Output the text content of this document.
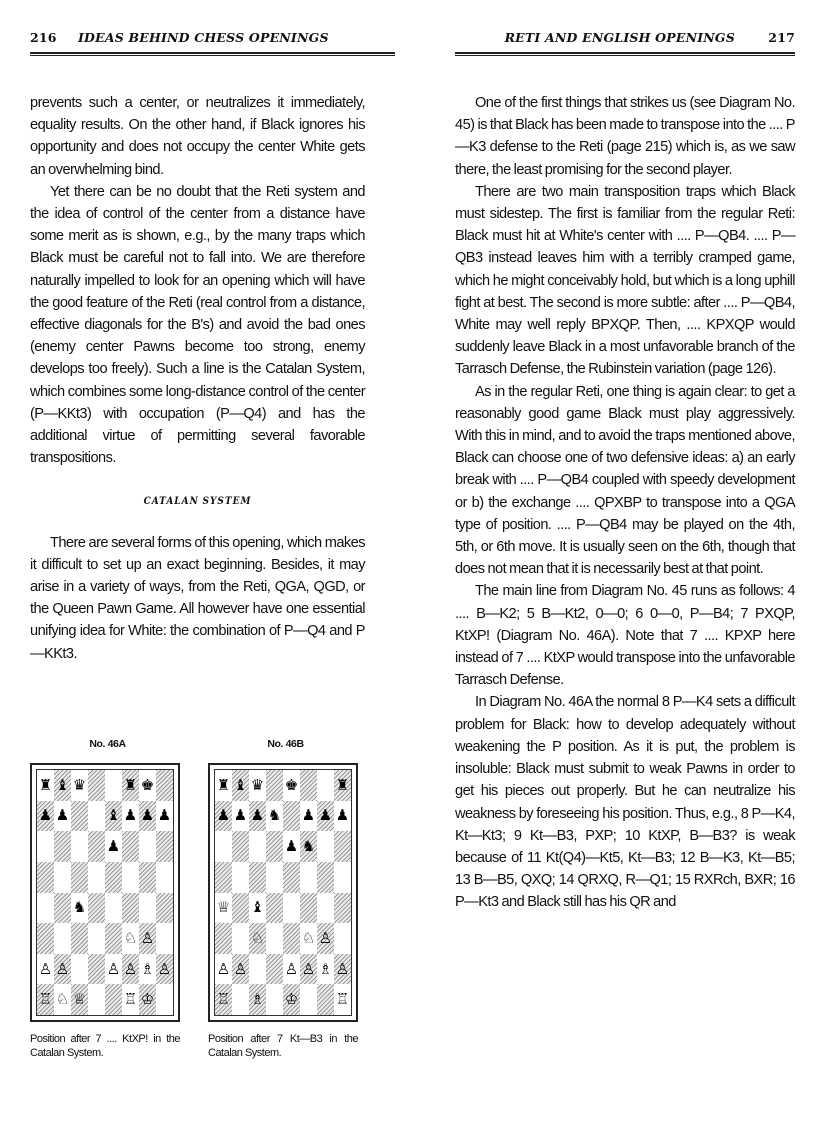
216 IDEAS BEHIND CHESS OPENINGS

prevents such a center, or neutralizes it immediately, equality results. On the other hand, if Black ignores his opportunity and does not occupy the center White gets an overwhelming bind.

Yet there can be no doubt that the Reti system and the idea of control of the center from a distance have some merit as is shown, e.g., by the many traps which Black must be careful not to fall into. We are therefore naturally impelled to look for an opening which will have the good feature of the Reti (real control from a distance, effective diagonals for the B's) and avoid the bad ones (enemy center Pawns become too strong, enemy develops too freely). Such a line is the Catalan System, which combines some long-distance control of the center (P—KKt3) with occupation (P—Q4) and has the additional virtue of permitting several favorable transpositions.

CATALAN SYSTEM

There are several forms of this opening, which makes it difficult to set up an exact beginning. Besides, it may arise in a variety of ways, from the Reti, QGA, QGD, or the Queen Pawn Game. All however have one essential unifying idea for White: the combination of P—Q4 and P—KKt3.

No. 46A
♜ ♝ ♛	♜ ♚
♟ ♟	♝ ♟ ♟ ♟
♟
♞
♘ ♙
♙ ♙	♙ ♙ ♗ ♙
♖ ♘ ♕	♖ ♔
Position after 7 .... KtXP! in the Catalan System.
No. 46B
♜ ♝ ♛ ♚	♜
♟ ♟ ♟ ♞ ♟ ♟ ♟
♟ ♞
♕ ♝
♘	♘ ♙
♙ ♙	♙ ♙ ♗ ♙
♖ ♗ ♔	♖
Position after 7 Kt—B3 in the Catalan System.
RETI AND ENGLISH OPENINGS	217

One of the first things that strikes us (see Diagram No. 45) is that Black has been made to transpose into the .... P—K3 defense to the Reti (page 215) which is, as we saw there, the least promising for the second player.

There are two main transposition traps which Black must sidestep. The first is familiar from the regular Reti: Black must hit at White's center with .... P—QB4. .... P—QB3 instead leaves him with a terribly cramped game, which he might conceivably hold, but which is a long uphill fight at best. The second is more subtle: after .... P—QB4, White may well reply BPXQP. Then, .... KPXQP would suddenly leave Black in a most unfavorable branch of the Tarrasch Defense, the Rubinstein variation (page 126).

As in the regular Reti, one thing is again clear: to get a reasonably good game Black must play aggressively. With this in mind, and to avoid the traps mentioned above, Black can choose one of two defensive ideas: a) an early break with .... P—QB4 coupled with speedy development or b) the exchange .... QPXBP to transpose into a QGA type of position. .... P—QB4 may be played on the 4th, 5th, or 6th move. It is usually seen on the 6th, though that does not mean that it is necessarily best at that point.

The main line from Diagram No. 45 runs as follows: 4 .... B—K2; 5 B—Kt2, 0—0; 6 0—0, P—B4; 7 PXQP, KtXP! (Diagram No. 46A). Note that 7 .... KPXP here instead of 7 .... KtXP would transpose into the unfavorable Tarrasch Defense.

In Diagram No. 46A the normal 8 P—K4 sets a difficult problem for Black: how to develop adequately without weakening the P position. As it is put, the problem is insoluble: Black must submit to weak Pawns in order to get his pieces out properly. But he can neutralize his weakness by foreseeing his position. Thus, e.g., 8 P—K4, Kt—Kt3; 9 Kt—B3, PXP; 10 KtXP, B—B3? is weak because of 11 Kt(Q4)—Kt5, Kt—B3; 12 B—K3, Kt—B5; 13 B—B5, QXQ; 14 QRXQ, R—Q1; 15 RXRch, BXR; 16 P—Kt3 and Black still has his QR and
